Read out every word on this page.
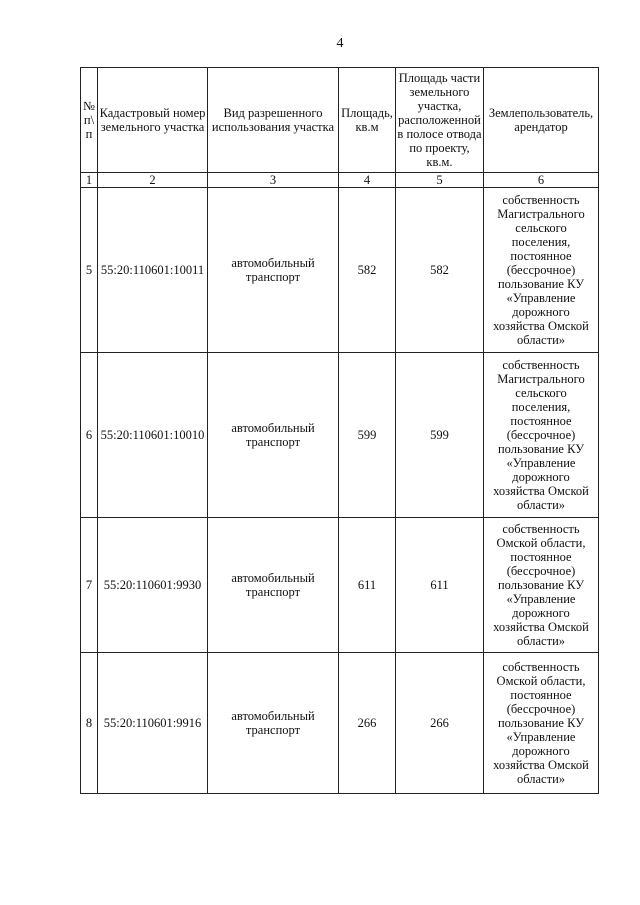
4
№ п\п	Кадастровый номер земельного участка	Вид разрешенного использования участка	Площадь, кв.м	Площадь части земельного участка, расположенной в полосе отвода по проекту, кв.м.	Землепользователь, арендатор
1	2	3	4	5	6
5	55:20:110601:10011	автомобильный транспорт	582	582	собственность Магистрального сельского поселения, постоянное (бессрочное) пользование КУ «Управление дорожного хозяйства Омской области»
6	55:20:110601:10010	автомобильный транспорт	599	599	собственность Магистрального сельского поселения, постоянное (бессрочное) пользование КУ «Управление дорожного хозяйства Омской области»
7	55:20:110601:9930	автомобильный транспорт	611	611	собственность Омской области, постоянное (бессрочное) пользование КУ «Управление дорожного хозяйства Омской области»
8	55:20:110601:9916	автомобильный транспорт	266	266	собственность Омской области, постоянное (бессрочное) пользование КУ «Управление дорожного хозяйства Омской области»
